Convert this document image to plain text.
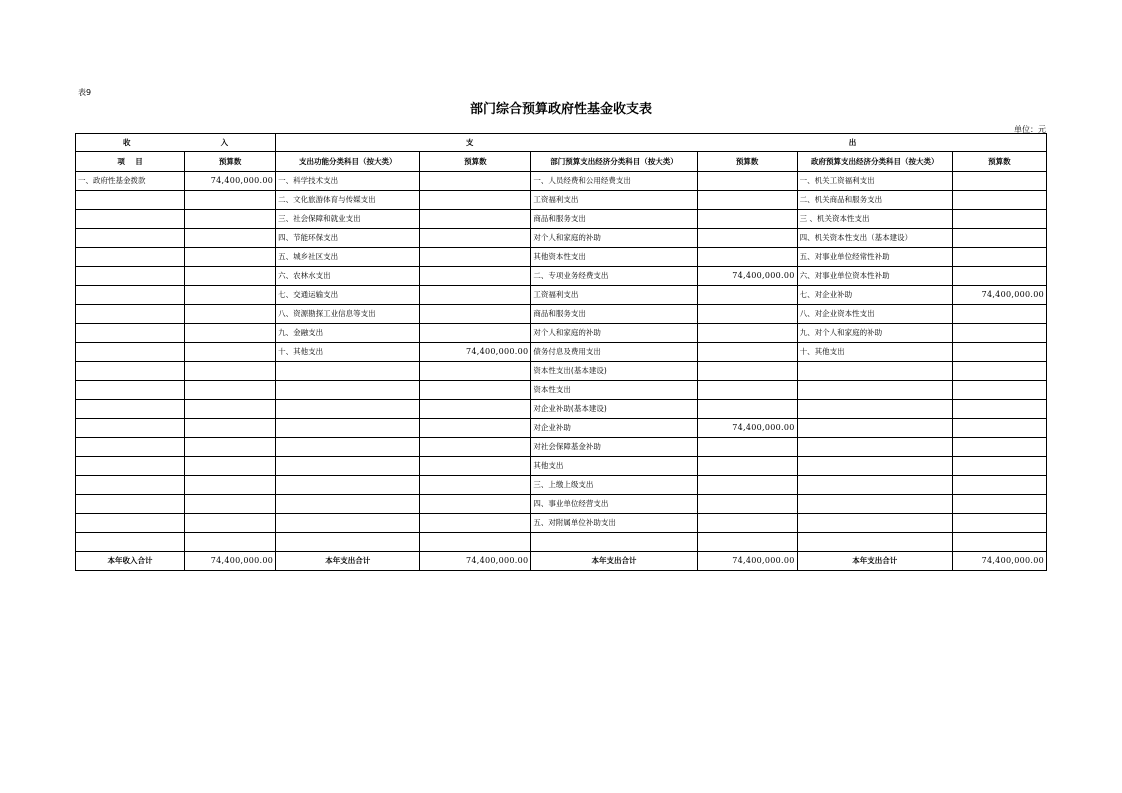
表9
部门综合预算政府性基金收支表
单位：元
收 入		支 出					

项    目	预算数	支出功能分类科目（按大类）	预算数	部门预算支出经济分类科目（按大类）	预算数	政府预算支出经济分类科目（按大类）	预算数
一、政府性基金拨款	74,400,000.00	一、科学技术支出		一、人员经费和公用经费支出		一、机关工资福利支出	
		二、文化旅游体育与传媒支出		工资福利支出		二、机关商品和服务支出	
		三、社会保障和就业支出		商品和服务支出		三 、机关资本性支出	
		四、节能环保支出		对个人和家庭的补助		四、机关资本性支出（基本建设）	
		五、城乡社区支出		其他资本性支出		五、对事业单位经常性补助	
		六、农林水支出		二、专项业务经费支出	74,400,000.00	六、对事业单位资本性补助	
		七、交通运输支出		工资福利支出		七、对企业补助	74,400,000.00
		八、资源勘探工业信息等支出		商品和服务支出		八、对企业资本性支出	
		九、金融支出		对个人和家庭的补助		九、对个人和家庭的补助	
		十、其他支出	74,400,000.00	债务付息及费用支出		十、其他支出	
				资本性支出(基本建设)			
				资本性支出			
				对企业补助(基本建设)			
				对企业补助	74,400,000.00		
				对社会保障基金补助			
				其他支出			
				三、上缴上级支出			
				四、事业单位经营支出			
				五、对附属单位补助支出			

本年收入合计	74,400,000.00	本年支出合计	74,400,000.00	本年支出合计	74,400,000.00	本年支出合计	74,400,000.00
